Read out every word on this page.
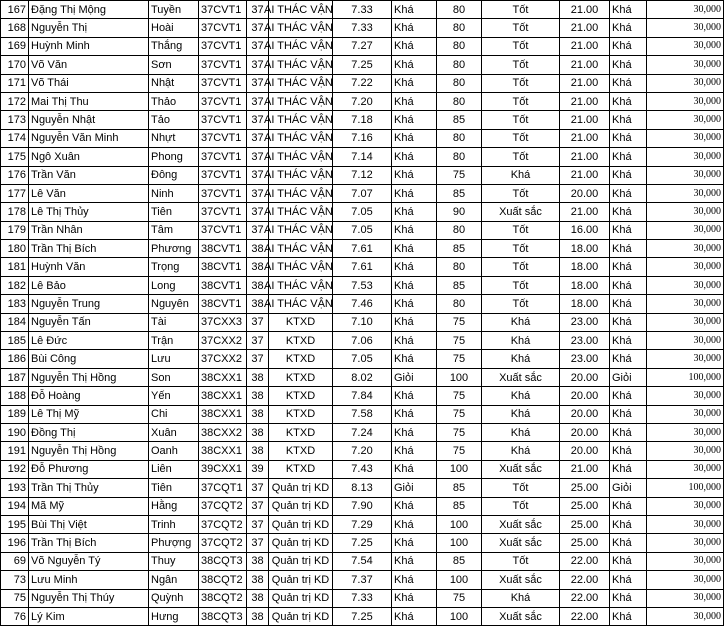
167	Đặng Thị Mộng	Tuyền	37CVT1	37	AI THÁC VẬN	7.33	Khá	80	Tốt	21.00	Khá	30,000
168	Nguyễn Thị	Hoài	37CVT1	37	AI THÁC VẬN	7.33	Khá	80	Tốt	21.00	Khá	30,000
169	Huỳnh Minh	Thắng	37CVT1	37	AI THÁC VẬN	7.27	Khá	80	Tốt	21.00	Khá	30,000
170	Võ Văn	Sơn	37CVT1	37	AI THÁC VẬN	7.25	Khá	80	Tốt	21.00	Khá	30,000
171	Võ Thái	Nhật	37CVT1	37	AI THÁC VẬN	7.22	Khá	80	Tốt	21.00	Khá	30,000
172	Mai Thị Thu	Thảo	37CVT1	37	AI THÁC VẬN	7.20	Khá	80	Tốt	21.00	Khá	30,000
173	Nguyễn Nhật	Tảo	37CVT1	37	AI THÁC VẬN	7.18	Khá	85	Tốt	21.00	Khá	30,000
174	Nguyễn Văn Minh	Nhựt	37CVT1	37	AI THÁC VẬN	7.16	Khá	80	Tốt	21.00	Khá	30,000
175	Ngô Xuân	Phong	37CVT1	37	AI THÁC VẬN	7.14	Khá	80	Tốt	21.00	Khá	30,000
176	Trần Văn	Đông	37CVT1	37	AI THÁC VẬN	7.12	Khá	75	Khá	21.00	Khá	30,000
177	Lê Văn	Ninh	37CVT1	37	AI THÁC VẬN	7.07	Khá	85	Tốt	20.00	Khá	30,000
178	Lê Thị Thủy	Tiên	37CVT1	37	AI THÁC VẬN	7.05	Khá	90	Xuất sắc	21.00	Khá	30,000
179	Trần Nhân	Tâm	37CVT1	37	AI THÁC VẬN	7.05	Khá	80	Tốt	16.00	Khá	30,000
180	Trần Thị Bích	Phương	38CVT1	38	AI THÁC VẬN	7.61	Khá	85	Tốt	18.00	Khá	30,000
181	Huỳnh Văn	Trọng	38CVT1	38	AI THÁC VẬN	7.61	Khá	80	Tốt	18.00	Khá	30,000
182	Lê Bảo	Long	38CVT1	38	AI THÁC VẬN	7.53	Khá	85	Tốt	18.00	Khá	30,000
183	Nguyễn Trung	Nguyên	38CVT1	38	AI THÁC VẬN	7.46	Khá	80	Tốt	18.00	Khá	30,000
184	Nguyễn Tấn	Tài	37CXX3	37	KTXD	7.10	Khá	75	Khá	23.00	Khá	30,000
185	Lê Đức	Trận	37CXX2	37	KTXD	7.06	Khá	75	Khá	23.00	Khá	30,000
186	Bùi Công	Lưu	37CXX2	37	KTXD	7.05	Khá	75	Khá	23.00	Khá	30,000
187	Nguyễn Thị Hồng	Son	38CXX1	38	KTXD	8.02	Giỏi	100	Xuất sắc	20.00	Giỏi	100,000
188	Đỗ Hoàng	Yến	38CXX1	38	KTXD	7.84	Khá	75	Khá	20.00	Khá	30,000
189	Lê Thị Mỹ	Chi	38CXX1	38	KTXD	7.58	Khá	75	Khá	20.00	Khá	30,000
190	Đồng Thị	Xuân	38CXX2	38	KTXD	7.24	Khá	75	Khá	20.00	Khá	30,000
191	Nguyễn Thị Hồng	Oanh	38CXX1	38	KTXD	7.20	Khá	75	Khá	20.00	Khá	30,000
192	Đỗ Phương	Liên	39CXX1	39	KTXD	7.43	Khá	100	Xuất sắc	21.00	Khá	30,000
193	Trần Thị Thủy	Tiên	37CQT1	37	Quản trị KD	8.13	Giỏi	85	Tốt	25.00	Giỏi	100,000
194	Mã Mỹ	Hằng	37CQT2	37	Quản trị KD	7.90	Khá	85	Tốt	25.00	Khá	30,000
195	Bùi Thị Việt	Trinh	37CQT2	37	Quản trị KD	7.29	Khá	100	Xuất sắc	25.00	Khá	30,000
196	Trần Thị Bích	Phượng	37CQT2	37	Quản trị KD	7.25	Khá	100	Xuất sắc	25.00	Khá	30,000
69	Võ Nguyễn Tý	Thuy	38CQT3	38	Quản trị KD	7.54	Khá	85	Tốt	22.00	Khá	30,000
73	Lưu Minh	Ngân	38CQT2	38	Quản trị KD	7.37	Khá	100	Xuất sắc	22.00	Khá	30,000
75	Nguyễn Thị Thúy	Quỳnh	38CQT2	38	Quản trị KD	7.33	Khá	75	Khá	22.00	Khá	30,000
76	Lý Kim	Hưng	38CQT3	38	Quản trị KD	7.25	Khá	100	Xuất sắc	22.00	Khá	30,000
